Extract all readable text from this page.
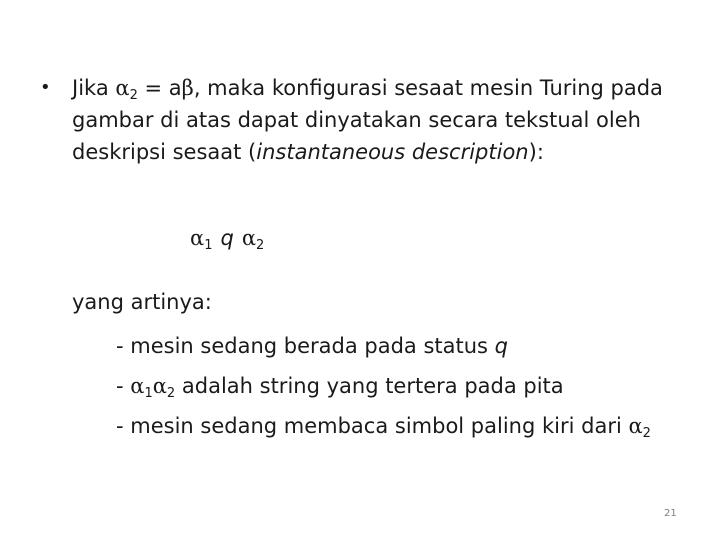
• Jika $\alpha_2 = a\beta$, maka konfigurasi sesaat mesin Turing pada
gambar di atas dapat dinyatakan secara tekstual oleh
deskripsi sesaat (instantaneous description):
$\alpha_1$ q $\alpha_2$
yang artinya:
- mesin sedang berada pada status q
- $\alpha_1\alpha_2$ adalah string yang tertera pada pita
- mesin sedang membaca simbol paling kiri dari $\alpha_2$
21
